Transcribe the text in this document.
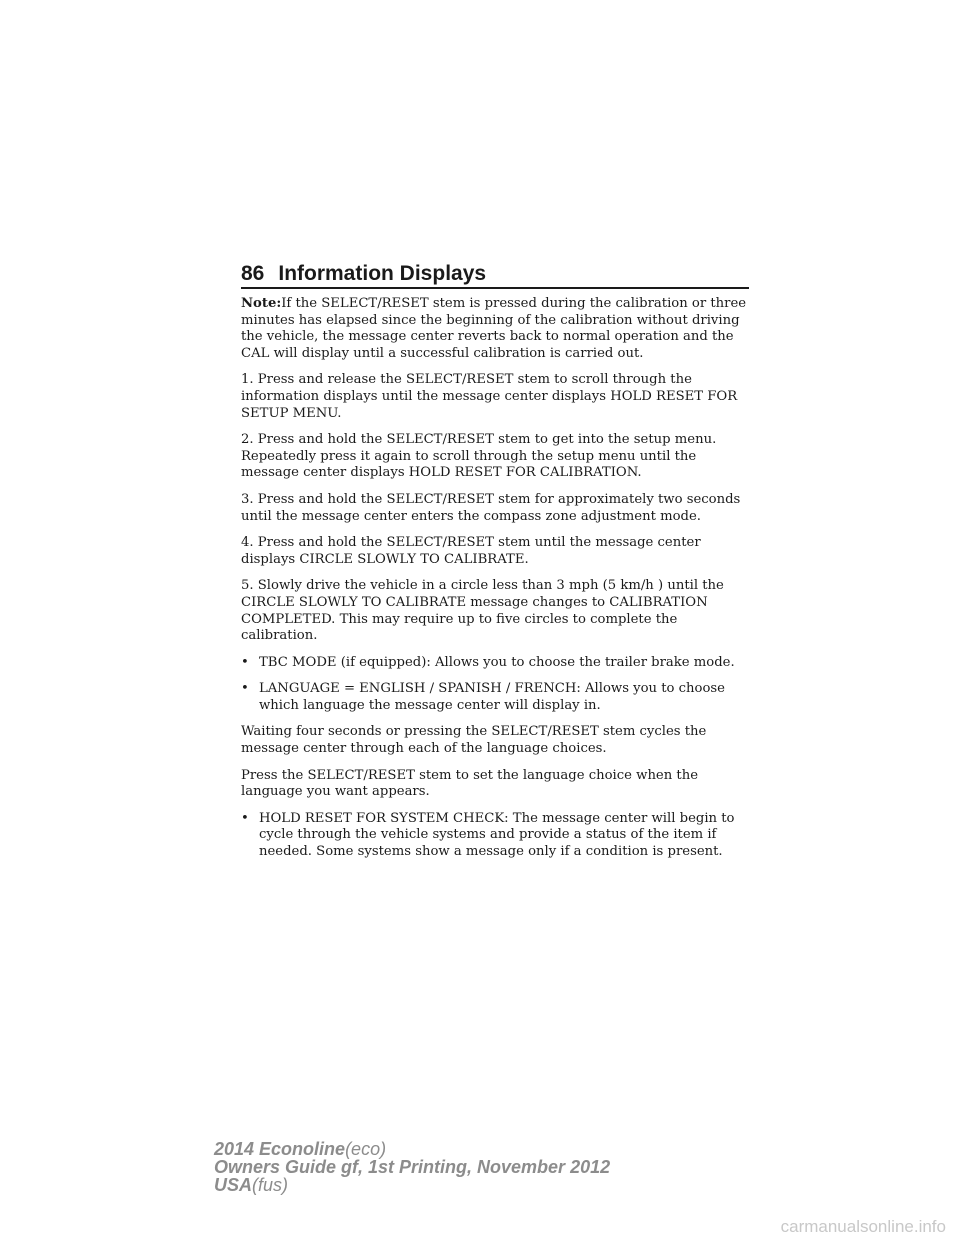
86 Information Displays

Note:If the SELECT/RESET stem is pressed during the calibration or three minutes has elapsed since the beginning of the calibration without driving the vehicle, the message center reverts back to normal operation and the CAL will display until a successful calibration is carried out.

1. Press and release the SELECT/RESET stem to scroll through the information displays until the message center displays HOLD RESET FOR SETUP MENU.

2. Press and hold the SELECT/RESET stem to get into the setup menu. Repeatedly press it again to scroll through the setup menu until the message center displays HOLD RESET FOR CALIBRATION.

3. Press and hold the SELECT/RESET stem for approximately two seconds until the message center enters the compass zone adjustment mode.

4. Press and hold the SELECT/RESET stem until the message center displays CIRCLE SLOWLY TO CALIBRATE.

5. Slowly drive the vehicle in a circle less than 3 mph (5 km/h ) until the CIRCLE SLOWLY TO CALIBRATE message changes to CALIBRATION COMPLETED. This may require up to five circles to complete the calibration.

• TBC MODE (if equipped): Allows you to choose the trailer brake mode.
• LANGUAGE = ENGLISH / SPANISH / FRENCH: Allows you to choose which language the message center will display in.

Waiting four seconds or pressing the SELECT/RESET stem cycles the message center through each of the language choices.

Press the SELECT/RESET stem to set the language choice when the language you want appears.

• HOLD RESET FOR SYSTEM CHECK: The message center will begin to cycle through the vehicle systems and provide a status of the item if needed. Some systems show a message only if a condition is present.
2014 Econoline(eco)
Owners Guide gf, 1st Printing, November 2012
USA(fus)
carmanualsonline.info
